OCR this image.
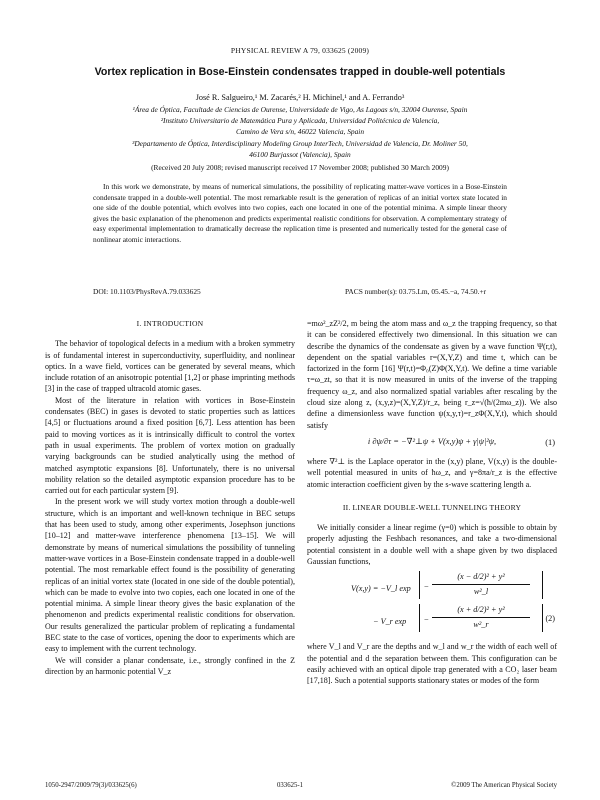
PHYSICAL REVIEW A 79, 033625 (2009)
Vortex replication in Bose-Einstein condensates trapped in double-well potentials
José R. Salgueiro,¹ M. Zacarés,² H. Michinel,¹ and A. Ferrando³
¹Área de Óptica, Facultade de Ciencias de Ourense, Universidade de Vigo, As Lagoas s/n, 32004 Ourense, Spain
²Instituto Universitario de Matemática Pura y Aplicada, Universidad Politécnica de Valencia,
Camino de Vera s/n, 46022 Valencia, Spain
³Departamento de Óptica, Interdisciplinary Modeling Group InterTech, Universidad de Valencia, Dr. Moliner 50,
46100 Burjassot (Valencia), Spain
(Received 20 July 2008; revised manuscript received 17 November 2008; published 30 March 2009)
In this work we demonstrate, by means of numerical simulations, the possibility of replicating matter-wave vortices in a Bose-Einstein condensate trapped in a double-well potential. The most remarkable result is the generation of replicas of an initial vortex state located in one side of the double potential, which evolves into two copies, each one located in one of the potential minima. A simple linear theory gives the basic explanation of the phenomenon and predicts experimental realistic conditions for observation. A complementary strategy of easy experimental implementation to dramatically decrease the replication time is presented and numerically tested for the general case of nonlinear atomic interactions.
DOI: 10.1103/PhysRevA.79.033625	PACS number(s): 03.75.Lm, 05.45.−a, 74.50.+r
I. INTRODUCTION

The behavior of topological defects in a medium with a broken symmetry is of fundamental interest in superconductivity, superfluidity, and nonlinear optics. In a wave field, vortices can be generated by several means, which include rotation of an anisotropic potential [1,2] or phase imprinting methods [3] in the case of trapped ultracold atomic gases.

Most of the literature in relation with vortices in Bose-Einstein condensates (BEC) in gases is devoted to static properties such as lattices [4,5] or fluctuations around a fixed position [6,7]. Less attention has been paid to moving vortices as it is intrinsically difficult to control the vortex path in usual experiments. The problem of vortex motion on gradually varying backgrounds can be studied analytically using the method of matched asymptotic expansions [8]. Unfortunately, there is no universal mobility relation so the detailed asymptotic expansion procedure has to be carried out for each particular system [9].

In the present work we will study vortex motion through a double-well structure, which is an important and well-known technique in BEC setups that has been used to study, among other experiments, Josephson junctions [10–12] and matter-wave interference phenomena [13–15]. We will demonstrate by means of numerical simulations the possibility of tunneling matter-wave vortices in a Bose-Einstein condensate trapped in a double-well potential. The most remarkable effect found is the possibility of generating replicas of an initial vortex state (located in one side of the double potential), which can be made to evolve into two copies, each one located in one of the potential minima. A simple linear theory gives the basic explanation of the phenomenon and predicts experimental realistic conditions for observation. Our results generalized the particular problem of replicating a fundamental BEC state to the case of vortices, opening the door to experiments which are easy to implement with the current technology.

We will consider a planar condensate, i.e., strongly confined in the Z direction by an harmonic potential V_z

=mω²_zZ²/2, m being the atom mass and ω_z the trapping frequency, so that it can be considered effectively two dimensional. In this situation we can describe the dynamics of the condensate as given by a wave function Ψ(r,t), dependent on the spatial variables r=(X,Y,Z) and time t, which can be factorized in the form [16] Ψ(r,t)=Φ₀(Z)Φ(X,Y,t). We define a time variable τ=ω_zt, so that it is now measured in units of the inverse of the trapping frequency ω_z, and also normalized spatial variables after rescaling by the cloud size along z, (x,y,z)=(X,Y,Z)/r_z, being r_z=√(ħ/(2mω_z)). We also define a dimensionless wave function ψ(x,y,τ)=r_zΦ(X,Y,t), which should satisfy

i ∂ψ/∂τ = −∇²⊥ψ + V(x,y)ψ + γ|ψ|²ψ,	(1)

where ∇²⊥ is the Laplace operator in the (x,y) plane, V(x,y) is the double-well potential measured in units of ħω_z, and γ=8πa/r_z is the effective atomic interaction coefficient given by the s-wave scattering length a.

II. LINEAR DOUBLE-WELL TUNNELING THEORY

We initially consider a linear regime (γ=0) which is possible to obtain by properly adjusting the Feshbach resonances, and take a two-dimensional potential consistent in a double well with a shape given by two displaced Gaussian functions,

V(x,y) = −V_l $\exp - \frac{\text{(x − d/2)² + y²}}{\text{w²\_l}}$
− V_r $\exp - \frac{\text{(x + d/2)² + y²}}{\text{w²\_r}} (2)$

where V_l and V_r are the depths and w_l and w_r the width of each well of the potential and d the separation between them. This configuration can be easily achieved with an optical dipole trap generated with a CO₂ laser beam [17,18]. Such a potential supports stationary states or modes of the form

1050-2947/2009/79(3)/033625(6)	033625-1	©2009 The American Physical Society
